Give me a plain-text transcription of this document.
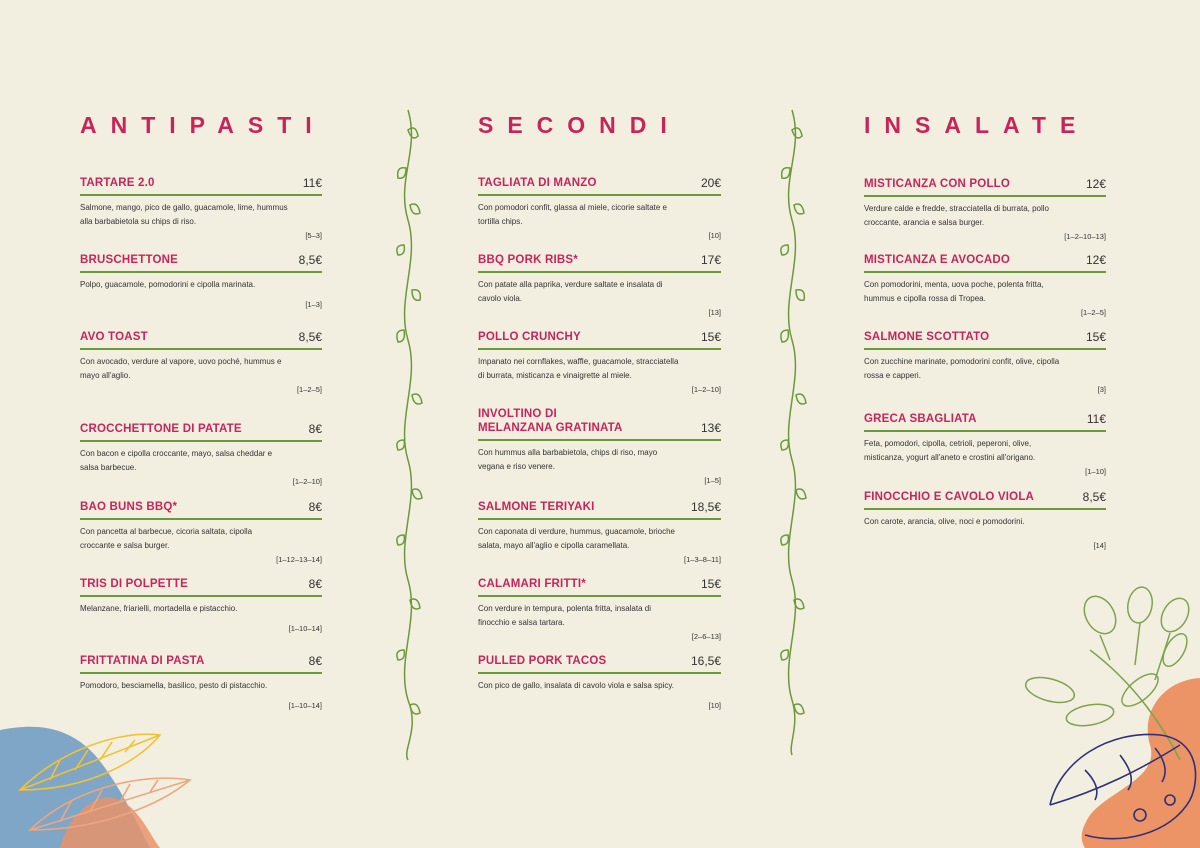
ANTIPASTI
TARTARE 2.0	11€
Salmone, mango, pico de gallo, guacamole, lime, hummus
alla barbabietola su chips di riso.
[5–3]
BRUSCHETTONE	8,5€
Polpo, guacamole, pomodorini e cipolla marinata.
[1–3]
AVO TOAST	8,5€
Con avocado, verdure al vapore, uovo poché, hummus e
mayo all'aglio.
[1–2–5]
CROCCHETTONE DI PATATE	8€
Con bacon e cipolla croccante, mayo, salsa cheddar e
salsa barbecue.
[1–2–10]
BAO BUNS BBQ*	8€
Con pancetta al barbecue, cicoria saltata, cipolla
croccante e salsa burger.
[1–12–13–14]
TRIS DI POLPETTE	8€
Melanzane, friarielli, mortadella e pistacchio.
[1–10–14]
FRITTATINA DI PASTA	8€
Pomodoro, besciamella, basilico, pesto di pistacchio.
[1–10–14]
SECONDI
TAGLIATA DI MANZO	20€
Con pomodori confit, glassa al miele, cicorie saltate e
tortilla chips.
[10]
BBQ PORK RIBS*	17€
Con patate alla paprika, verdure saltate e insalata di
cavolo viola.
[13]
POLLO CRUNCHY	15€
Impanato nei cornflakes, waffle, guacamole, stracciatella
di burrata, misticanza e vinaigrette al miele.
[1–2–10]
INVOLTINO DI
MELANZANA GRATINATA	13€
Con hummus alla barbabietola, chips di riso, mayo
vegana e riso venere.
[1–5]
SALMONE TERIYAKI	18,5€
Con caponata di verdure, hummus, guacamole, brioche
salata, mayo all'aglio e cipolla caramellata.
[1–3–8–11]
CALAMARI FRITTI*	15€
Con verdure in tempura, polenta fritta, insalata di
finocchio e salsa tartara.
[2–6–13]
PULLED PORK TACOS	16,5€
Con pico de gallo, insalata di cavolo viola e salsa spicy.
[10]
INSALATE
MISTICANZA CON POLLO	12€
Verdure calde e fredde, stracciatella di burrata, pollo
croccante, arancia e salsa burger.
[1–2–10–13]
MISTICANZA E AVOCADO	12€
Con pomodorini, menta, uova poche, polenta fritta,
hummus e cipolla rossa di Tropea.
[1–2–5]
SALMONE SCOTTATO	15€
Con zucchine marinate, pomodorini confit, olive, cipolla
rossa e capperi.
[3]
GRECA SBAGLIATA	11€
Feta, pomodori, cipolla, cetrioli, peperoni, olive,
misticanza, yogurt all'aneto e crostini all'origano.
[1–10]
FINOCCHIO E CAVOLO VIOLA	8,5€
Con carote, arancia, olive, noci e pomodorini.
[14]
